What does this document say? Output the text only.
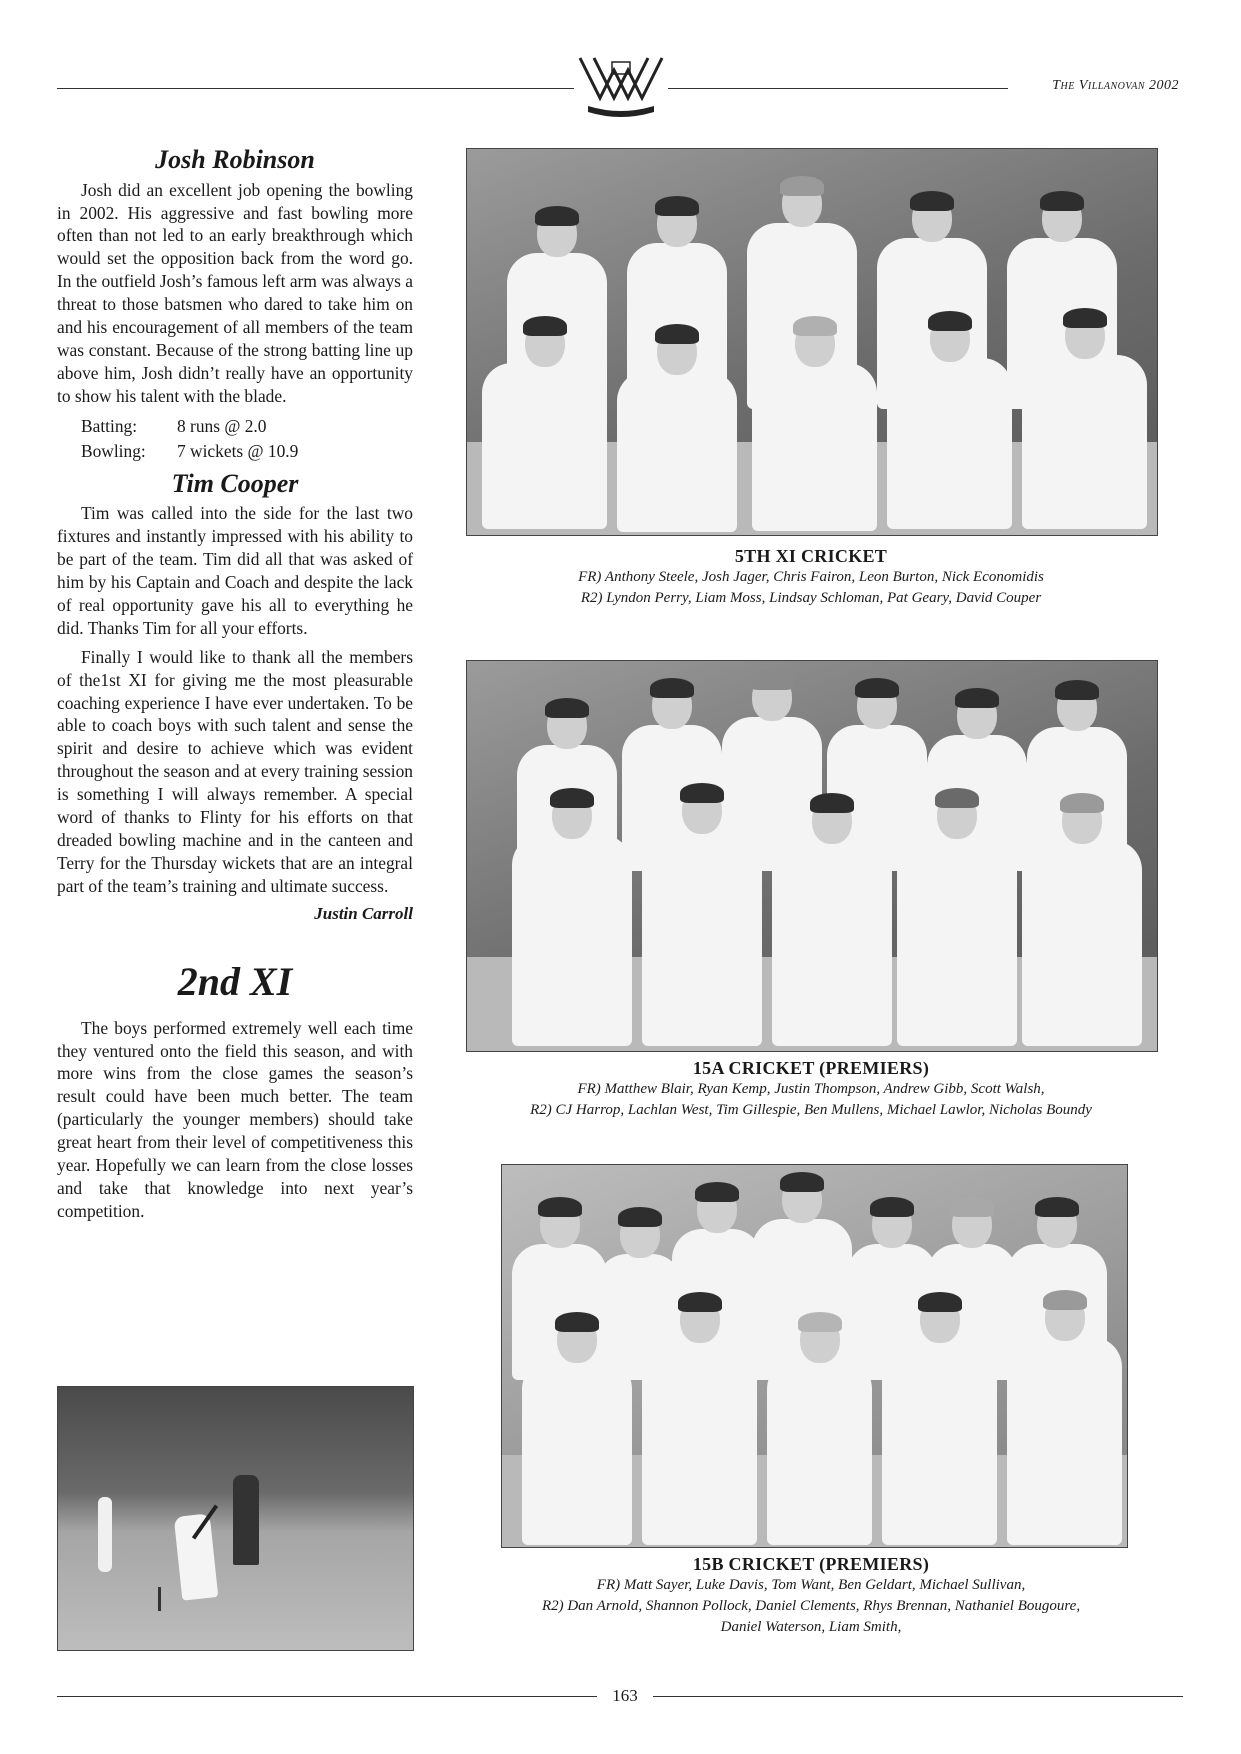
The Villanovan 2002
Josh Robinson

Josh did an excellent job opening the bowling in 2002. His aggressive and fast bowling more often than not led to an early breakthrough which would set the opposition back from the word go. In the outfield Josh’s famous left arm was always a threat to those batsmen who dared to take him on and his encouragement of all members of the team was constant. Because of the strong batting line up above him, Josh didn’t really have an opportunity to show his talent with the blade.

Batting:	8 runs @ 2.0
Bowling:	7 wickets @ 10.9
Tim Cooper

Tim was called into the side for the last two fixtures and instantly impressed with his ability to be part of the team. Tim did all that was asked of him by his Captain and Coach and despite the lack of real opportunity gave his all to everything he did. Thanks Tim for all your efforts.

Finally I would like to thank all the members of the1st XI for giving me the most pleasurable coaching experience I have ever undertaken. To be able to coach boys with such talent and sense the spirit and desire to achieve which was evident throughout the season and at every training session is something I will always remember. A special word of thanks to Flinty for his efforts on that dreaded bowling machine and in the canteen and Terry for the Thursday wickets that are an integral part of the team’s training and ultimate success.

Justin Carroll
2nd XI

The boys performed extremely well each time they ventured onto the field this season, and with more wins from the close games the season’s result could have been much better. The team (particularly the younger members) should take great heart from their level of competitiveness this year. Hopefully we can learn from the close losses and take that knowledge into next year’s competition.

5TH XI CRICKET
FR) Anthony Steele, Josh Jager, Chris Fairon, Leon Burton, Nick Economidis
R2) Lyndon Perry, Liam Moss, Lindsay Schloman, Pat Geary, David Couper
15A CRICKET (PREMIERS)
FR) Matthew Blair, Ryan Kemp, Justin Thompson, Andrew Gibb, Scott Walsh,
R2) CJ Harrop, Lachlan West, Tim Gillespie, Ben Mullens, Michael Lawlor, Nicholas Boundy
15B CRICKET (PREMIERS)
FR) Matt Sayer, Luke Davis, Tom Want, Ben Geldart, Michael Sullivan,
R2) Dan Arnold, Shannon Pollock, Daniel Clements, Rhys Brennan, Nathaniel Bougoure,
Daniel Waterson, Liam Smith,
163
